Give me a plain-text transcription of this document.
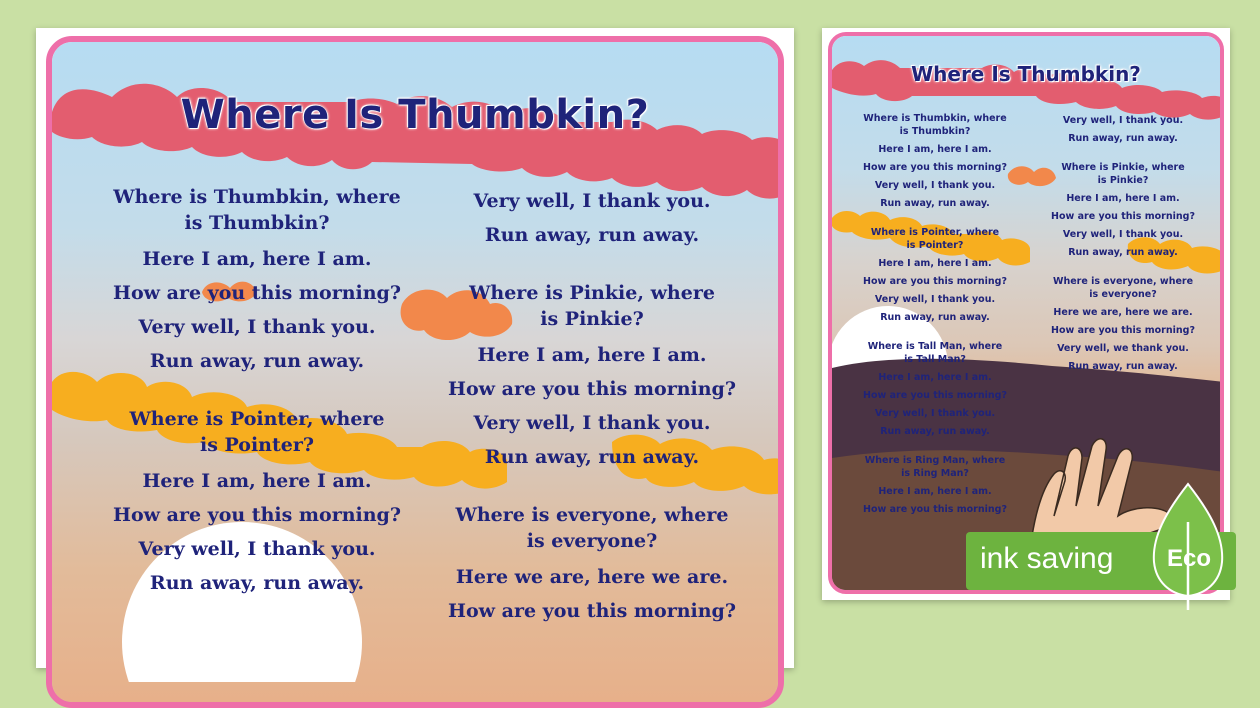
Where Is Thumbkin?

Where is Thumbkin, where
is Thumbkin?

Here I am, here I am.

How are you this morning?

Very well, I thank you.

Run away, run away.

Where is Pointer, where
is Pointer?

Here I am, here I am.

How are you this morning?

Very well, I thank you.

Run away, run away.

Very well, I thank you.

Run away, run away.

Where is Pinkie, where
is Pinkie?

Here I am, here I am.

How are you this morning?

Very well, I thank you.

Run away, run away.

Where is everyone, where
is everyone?

Here we are, here we are.

How are you this morning?

Where Is Thumbkin?

Where is Thumbkin, where
is Thumbkin?

Here I am, here I am.

How are you this morning?

Very well, I thank you.

Run away, run away.

Where is Pointer, where
is Pointer?

Here I am, here I am.

How are you this morning?

Very well, I thank you.

Run away, run away.

Where is Tall Man, where
is Tall Man?

Here I am, here I am.

How are you this morning?

Very well, I thank you.

Run away, run away.

Where is Ring Man, where
is Ring Man?

Here I am, here I am.

How are you this morning?

Very well, I thank you.

Run away, run away.

Where is Pinkie, where
is Pinkie?

Here I am, here I am.

How are you this morning?

Very well, I thank you.

Run away, run away.

Where is everyone, where
is everyone?

Here we are, here we are.

How are you this morning?

Very well, we thank you.

Run away, run away.

ink saving Eco
